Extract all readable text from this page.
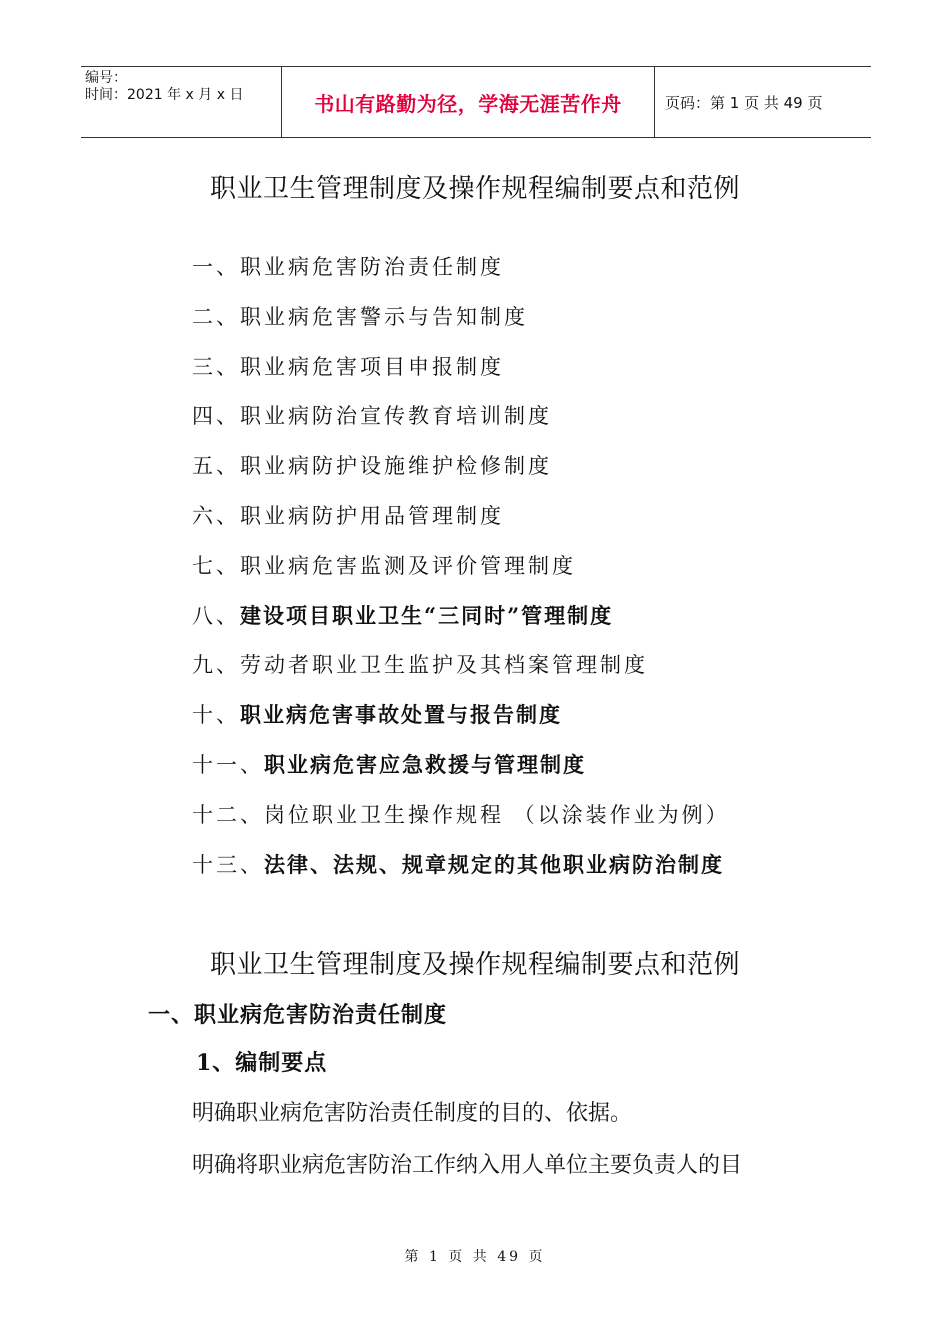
编号：
时间：2021 年 x 月 x 日	书山有路勤为径，学海无涯苦作舟	页码：第 1 页 共 49 页
职业卫生管理制度及操作规程编制要点和范例
一、职业病危害防治责任制度
二、职业病危害警示与告知制度
三、职业病危害项目申报制度
四、职业病防治宣传教育培训制度
五、职业病防护设施维护检修制度
六、职业病防护用品管理制度
七、职业病危害监测及评价管理制度
八、建设项目职业卫生“三同时”管理制度
九、劳动者职业卫生监护及其档案管理制度
十、职业病危害事故处置与报告制度
十一、职业病危害应急救援与管理制度
十二、岗位职业卫生操作规程 （以涂装作业为例）
十三、法律、法规、规章规定的其他职业病防治制度
职业卫生管理制度及操作规程编制要点和范例
一、职业病危害防治责任制度
1、编制要点
明确职业病危害防治责任制度的目的、依据。
明确将职业病危害防治工作纳入用人单位主要负责人的目
第 1 页 共 49 页
